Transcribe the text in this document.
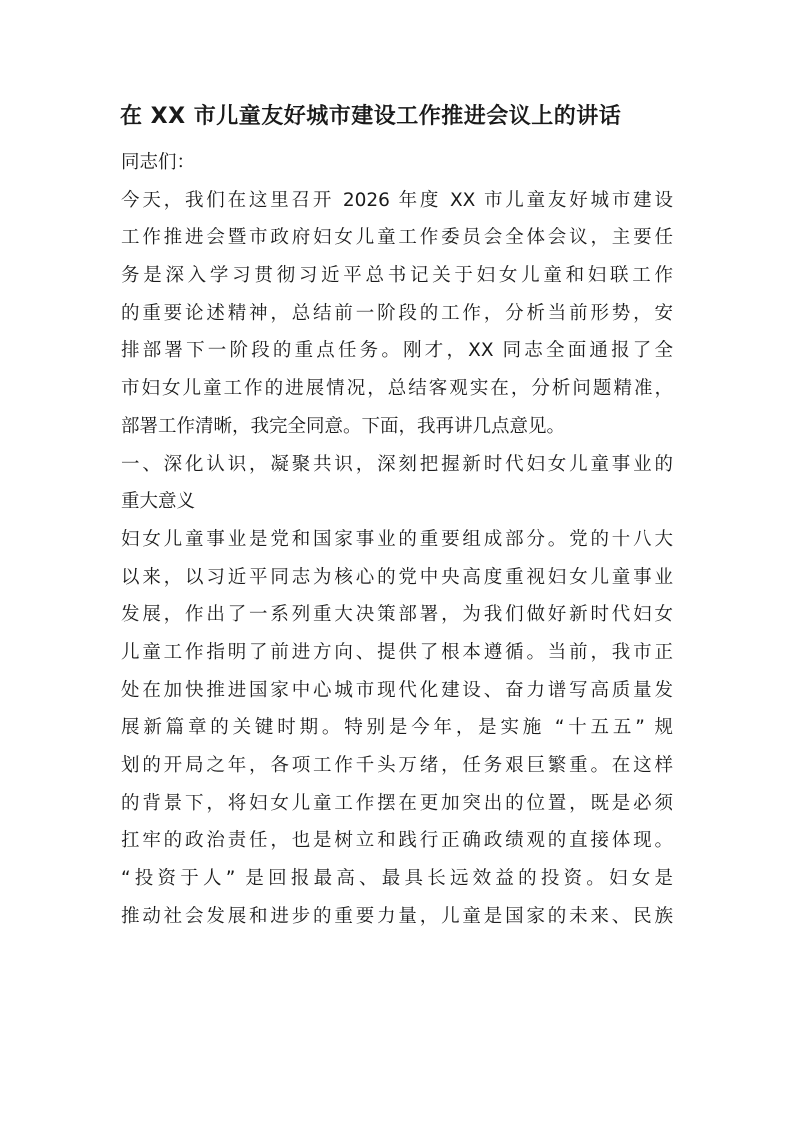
在 XX 市儿童友好城市建设工作推进会议上的讲话
同志们：
今天，我们在这里召开 2026 年度 XX 市儿童友好城市建设
工作推进会暨市政府妇女儿童工作委员会全体会议，主要任
务是深入学习贯彻习近平总书记关于妇女儿童和妇联工作
的重要论述精神，总结前一阶段的工作，分析当前形势，安
排部署下一阶段的重点任务。刚才，XX 同志全面通报了全
市妇女儿童工作的进展情况，总结客观实在，分析问题精准，
部署工作清晰，我完全同意。下面，我再讲几点意见。
一、深化认识，凝聚共识，深刻把握新时代妇女儿童事业的
重大意义
妇女儿童事业是党和国家事业的重要组成部分。党的十八大
以来，以习近平同志为核心的党中央高度重视妇女儿童事业
发展，作出了一系列重大决策部署，为我们做好新时代妇女
儿童工作指明了前进方向、提供了根本遵循。当前，我市正
处在加快推进国家中心城市现代化建设、奋力谱写高质量发
展新篇章的关键时期。特别是今年，是实施 “十五五” 规
划的开局之年，各项工作千头万绪，任务艰巨繁重。在这样
的背景下，将妇女儿童工作摆在更加突出的位置，既是必须
扛牢的政治责任，也是树立和践行正确政绩观的直接体现。
“投资于人” 是回报最高、最具长远效益的投资。妇女是
推动社会发展和进步的重要力量，儿童是国家的未来、民族
